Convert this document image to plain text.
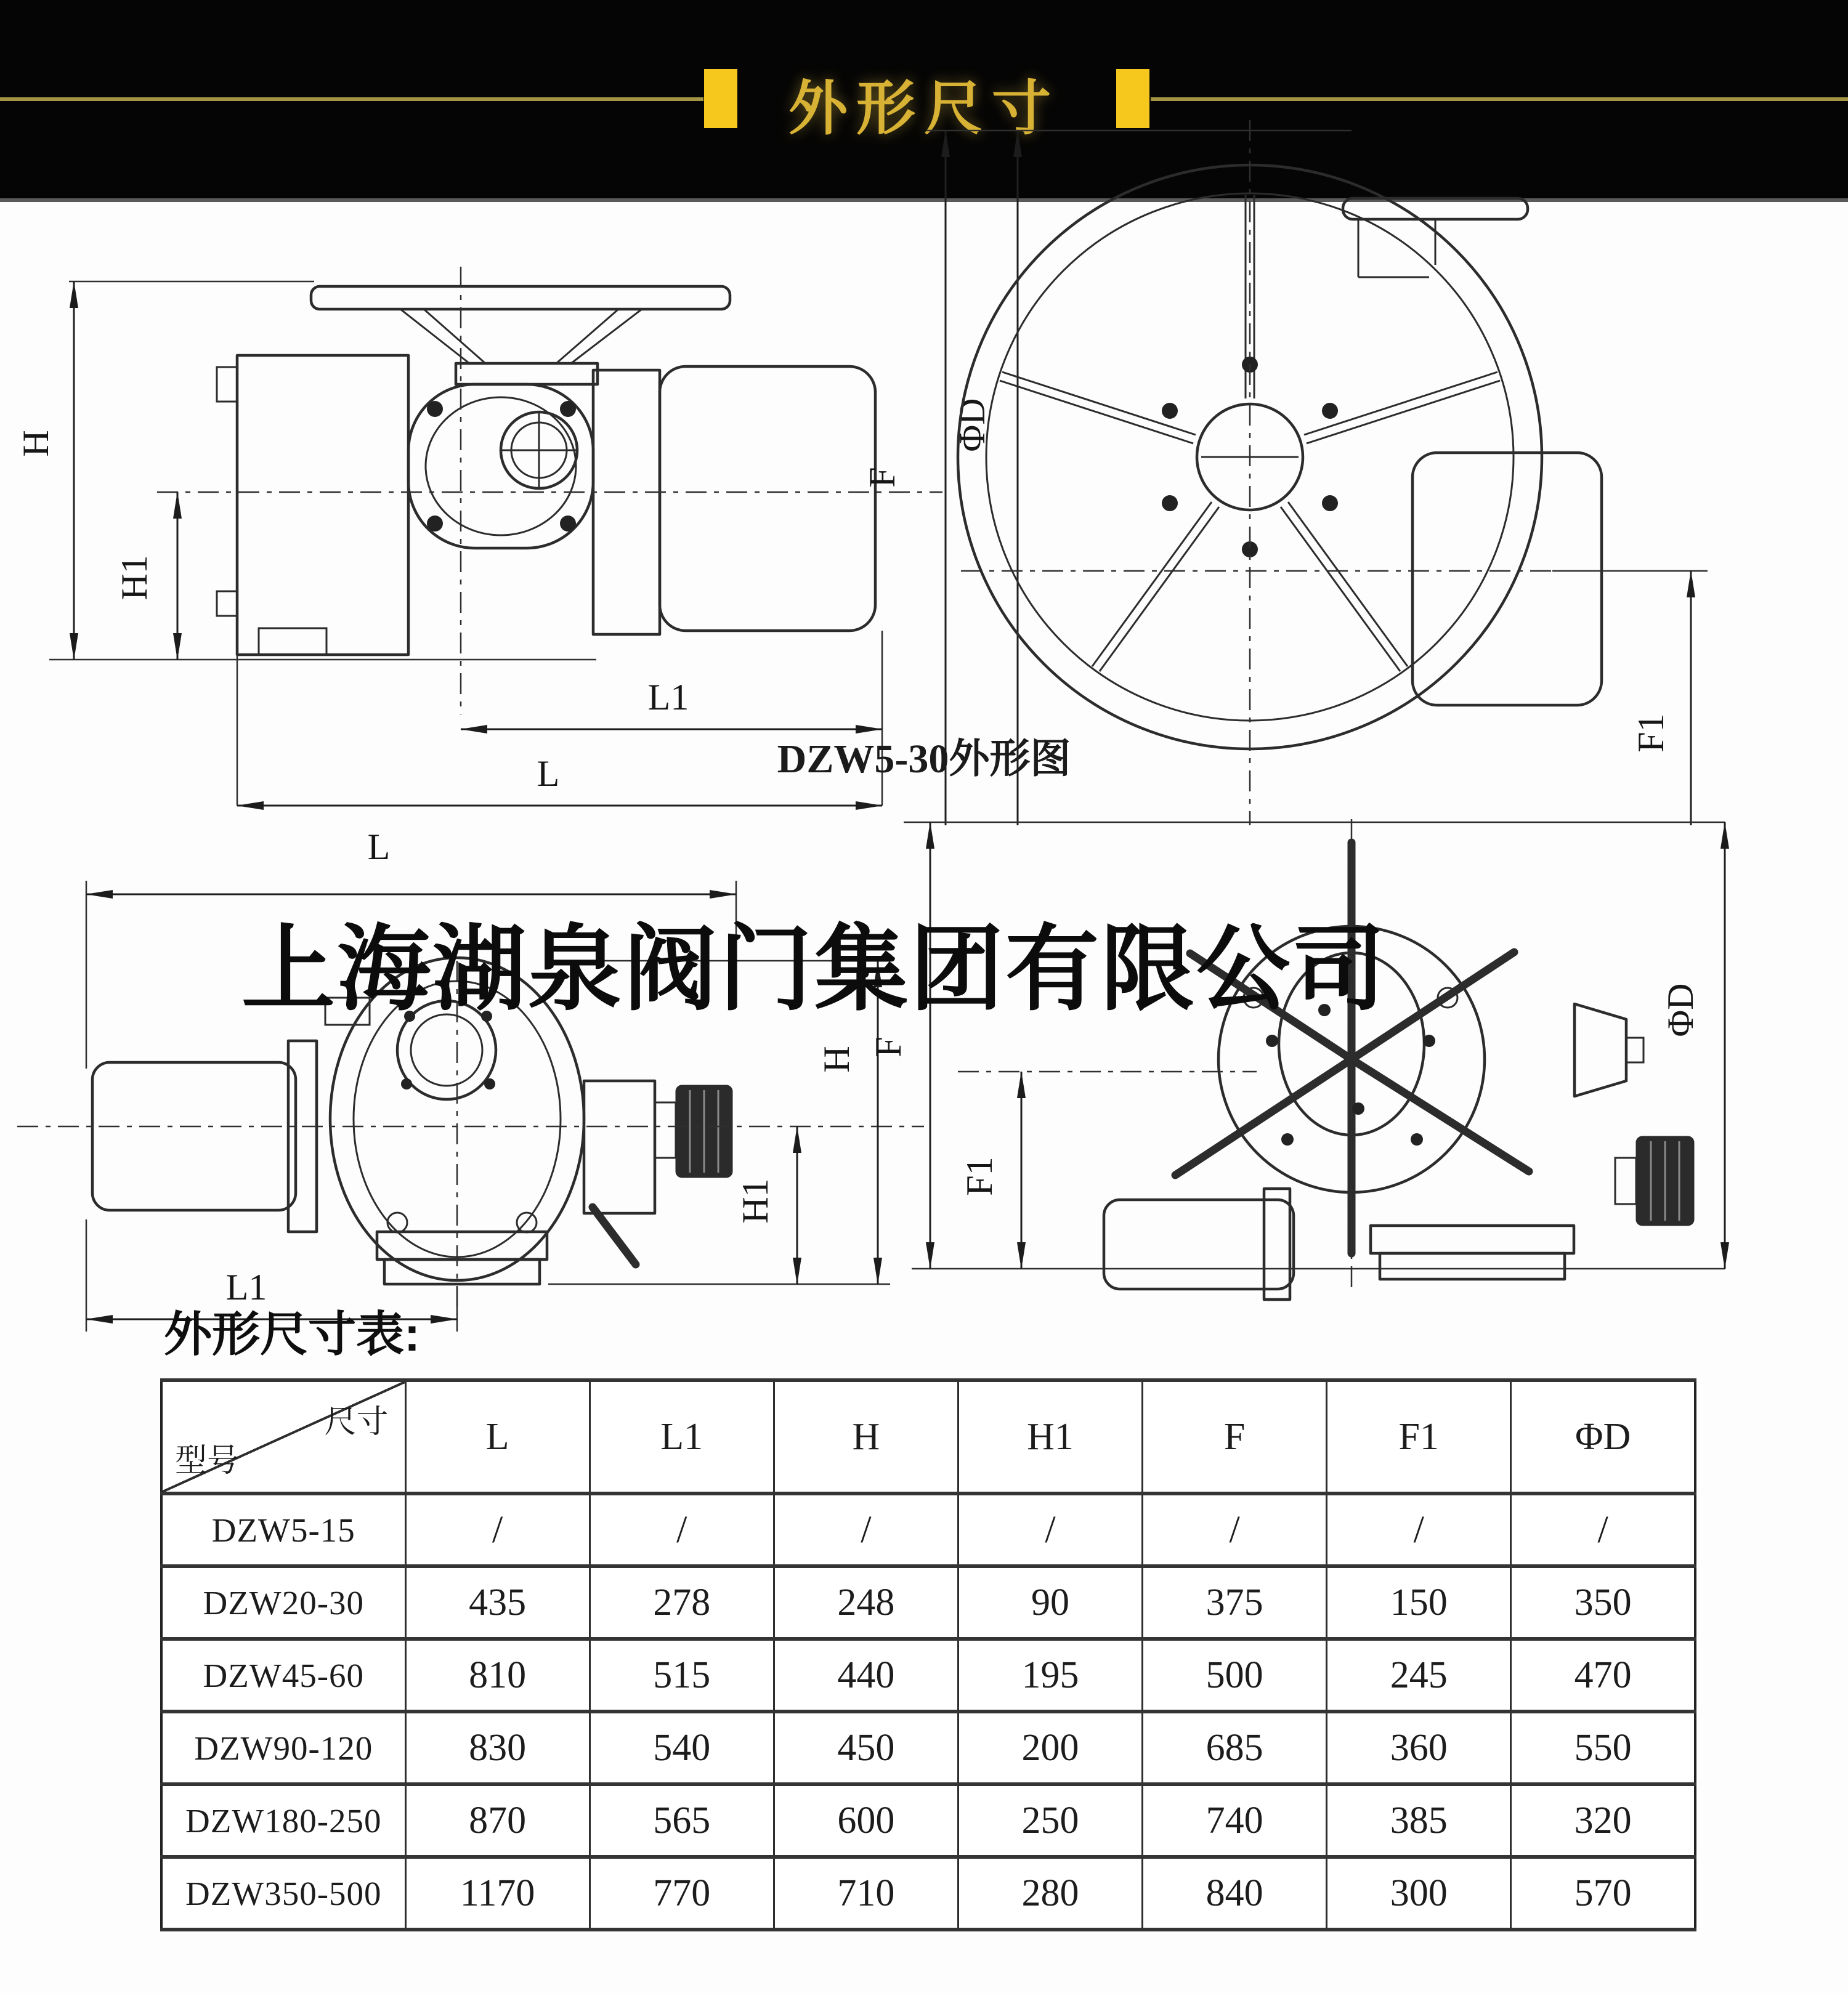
外形尺寸
H
H1
L1
L
F
ΦD
F1
DZW5-30外形图
L
H
H1
L1
F
F1
ΦD
上海湖泉阀门集团有限公司
外形尺寸表:
尺寸
型号	L	L1	H	H1	F	F1	ΦD
DZW5-15	/	/	/	/	/	/	/
DZW20-30	435	278	248	90	375	150	350
DZW45-60	810	515	440	195	500	245	470
DZW90-120	830	540	450	200	685	360	550
DZW180-250	870	565	600	250	740	385	320
DZW350-500	1170	770	710	280	840	300	570
